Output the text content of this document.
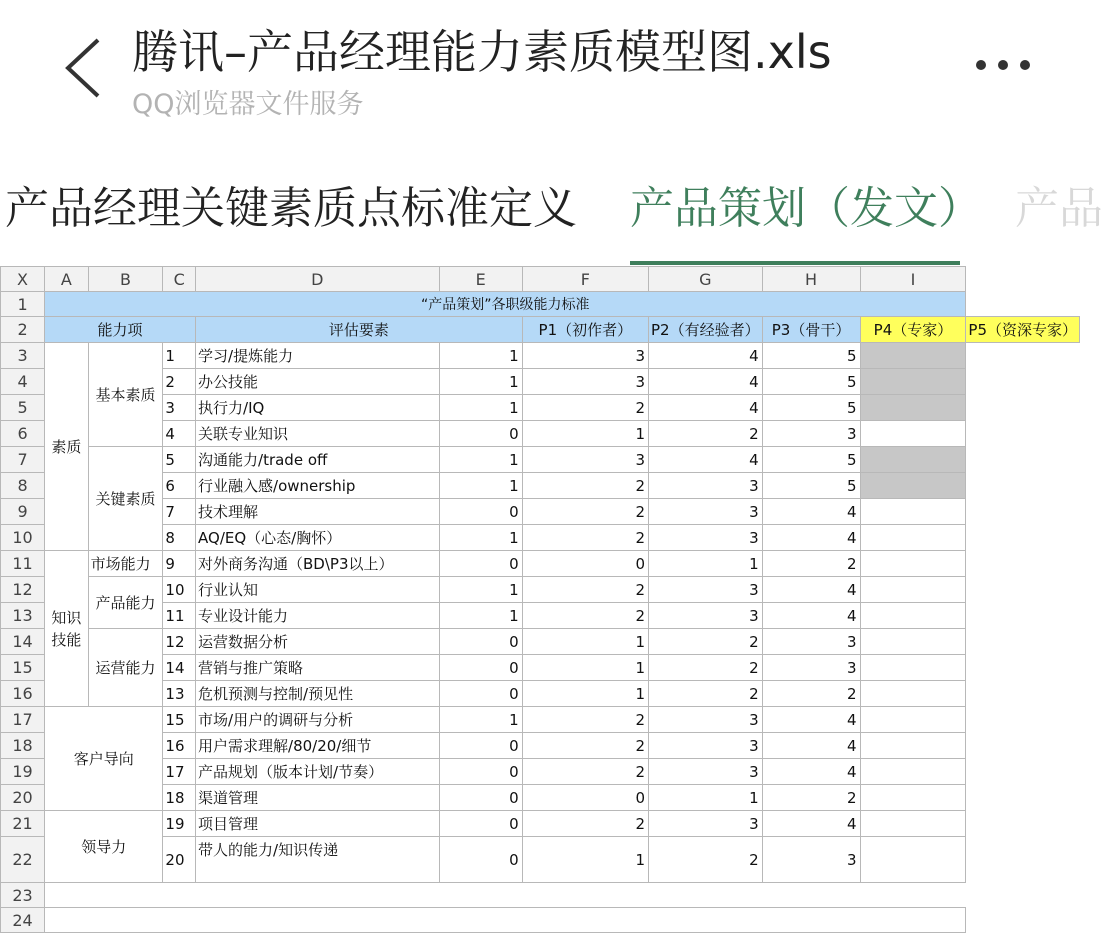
腾讯–产品经理能力素质模型图.xls
QQ浏览器文件服务
产品经理关键素质点标准定义 产品策划（发文） 产品
X	A	B	C	D	E	F	G	H	I	
1	“产品策划”各职级能力标准									
2	能力项			评估要素		P1（初作者）	P2（有经验者）	P3（骨干）	P4（专家）	P5（资深专家）
3	素质	基本素质	1	学习/提炼能力	1	3	4	5		
4			2	办公技能	1	3	4	5		
5			3	执行力/IQ	1	2	4	5		
6			4	关联专业知识	0	1	2	3		
7		关键素质	5	沟通能力/trade off	1	3	4	5		
8			6	行业融入感/ownership	1	2	3	5		
9			7	技术理解	0	2	3	4		
10			8	AQ/EQ（心态/胸怀）	1	2	3	4		
11	知识技能	市场能力	9	对外商务沟通（BD\P3以上）	0	0	1	2		
12		产品能力	10	行业认知	1	2	3	4		
13			11	专业设计能力	1	2	3	4		
14		运营能力	12	运营数据分析	0	1	2	3		
15			14	营销与推广策略	0	1	2	3		
16			13	危机预测与控制/预见性	0	1	2	2		
17	客户导向		15	市场/用户的调研与分析	1	2	3	4		
18			16	用户需求理解/80/20/细节	0	2	3	4		
19			17	产品规划（版本计划/节奏）	0	2	3	4		
20			18	渠道管理	0	0	1	2		
21	领导力		19	项目管理	0	2	3	4		
22			20	带人的能力/知识传递	0	1	2	3		
23										
24										
